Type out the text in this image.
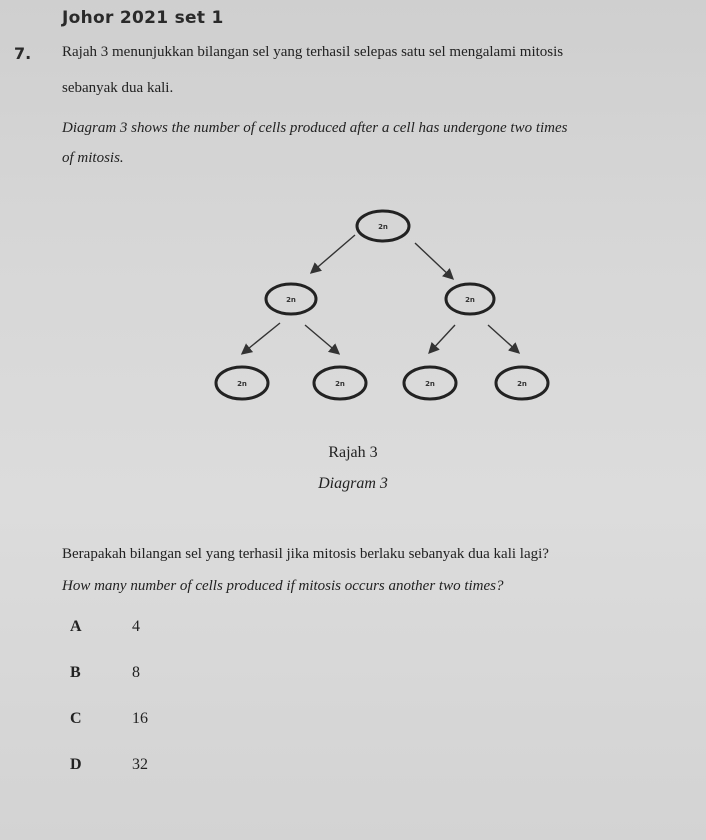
Johor 2021 set 1
7. Rajah 3 menunjukkan bilangan sel yang terhasil selepas satu sel mengalami mitosis
sebanyak dua kali.
Diagram 3 shows the number of cells produced after a cell has undergone two times
of mitosis.
2n
2n	2n
2n	2n	2n	2n
Rajah 3
Diagram 3
Berapakah bilangan sel yang terhasil jika mitosis berlaku sebanyak dua kali lagi?
How many number of cells produced if mitosis occurs another two times?
A	4
B	8
C	16
D	32
